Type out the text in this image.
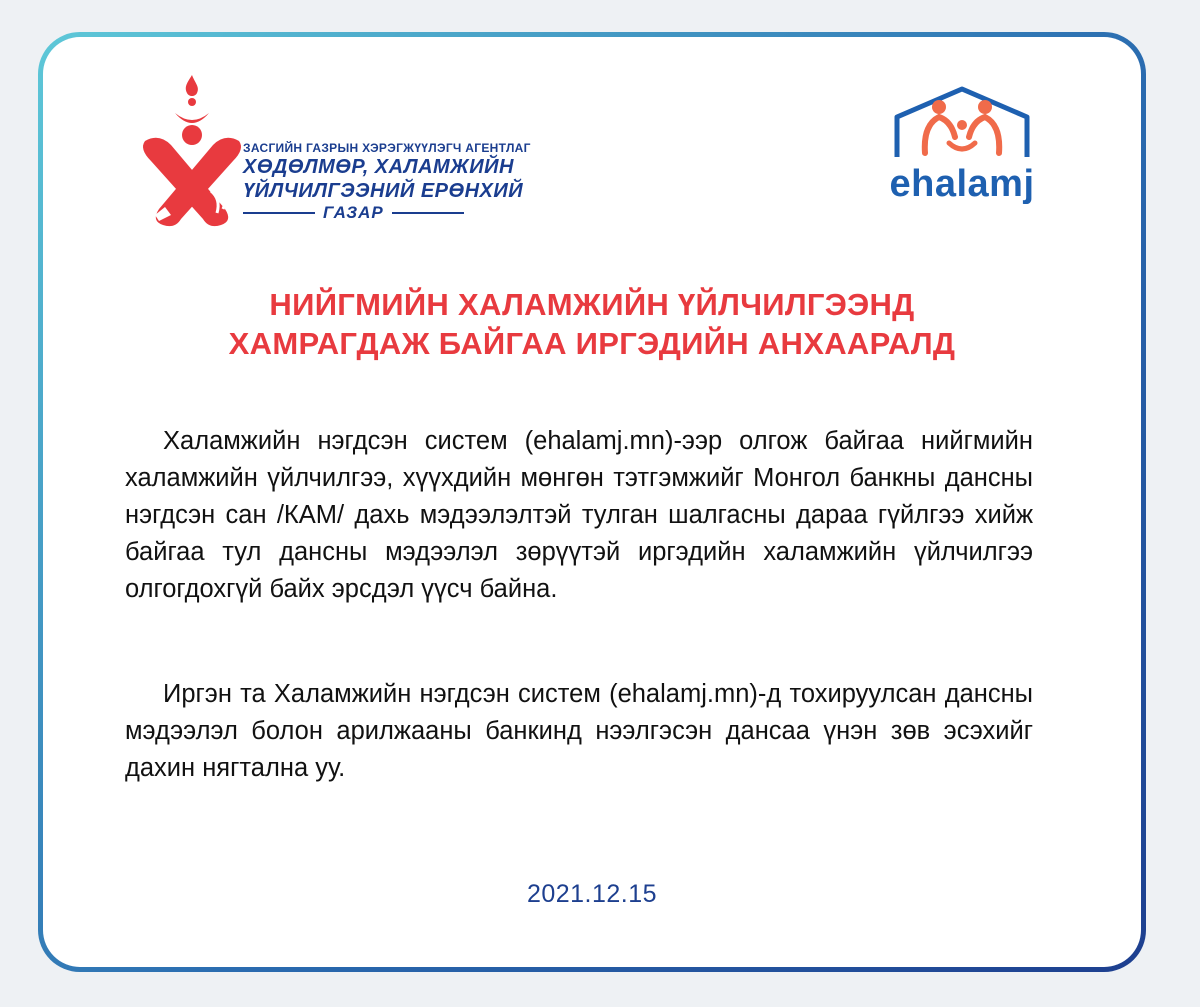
ЗАСГИЙН ГАЗРЫН ХЭРЭГЖҮҮЛЭГЧ АГЕНТЛАГ
ХӨДӨЛМӨР, ХАЛАМЖИЙН
ҮЙЛЧИЛГЭЭНИЙ ЕРӨНХИЙ
ГАЗАР
ehalamj
НИЙГМИЙН ХАЛАМЖИЙН ҮЙЛЧИЛГЭЭНД
ХАМРАГДАЖ БАЙГАА ИРГЭДИЙН АНХААРАЛД

Халамжийн нэгдсэн систем (ehalamj.mn)-ээр олгож байгаа нийгмийн халамжийн үйлчилгээ, хүүхдийн мөнгөн тэтгэмжийг Монгол банкны дансны нэгдсэн сан /КАМ/ дахь мэдээлэлтэй тулган шалгасны дараа гүйлгээ хийж байгаа тул дансны мэдээлэл зөрүүтэй иргэдийн халамжийн үйлчилгээ олгогдохгүй байх эрсдэл үүсч байна.

Иргэн та Халамжийн нэгдсэн систем (ehalamj.mn)-д тохируулсан дансны мэдээлэл болон арилжааны банкинд нээлгэсэн дансаа үнэн зөв эсэхийг дахин нягтална уу.

2021.12.15
